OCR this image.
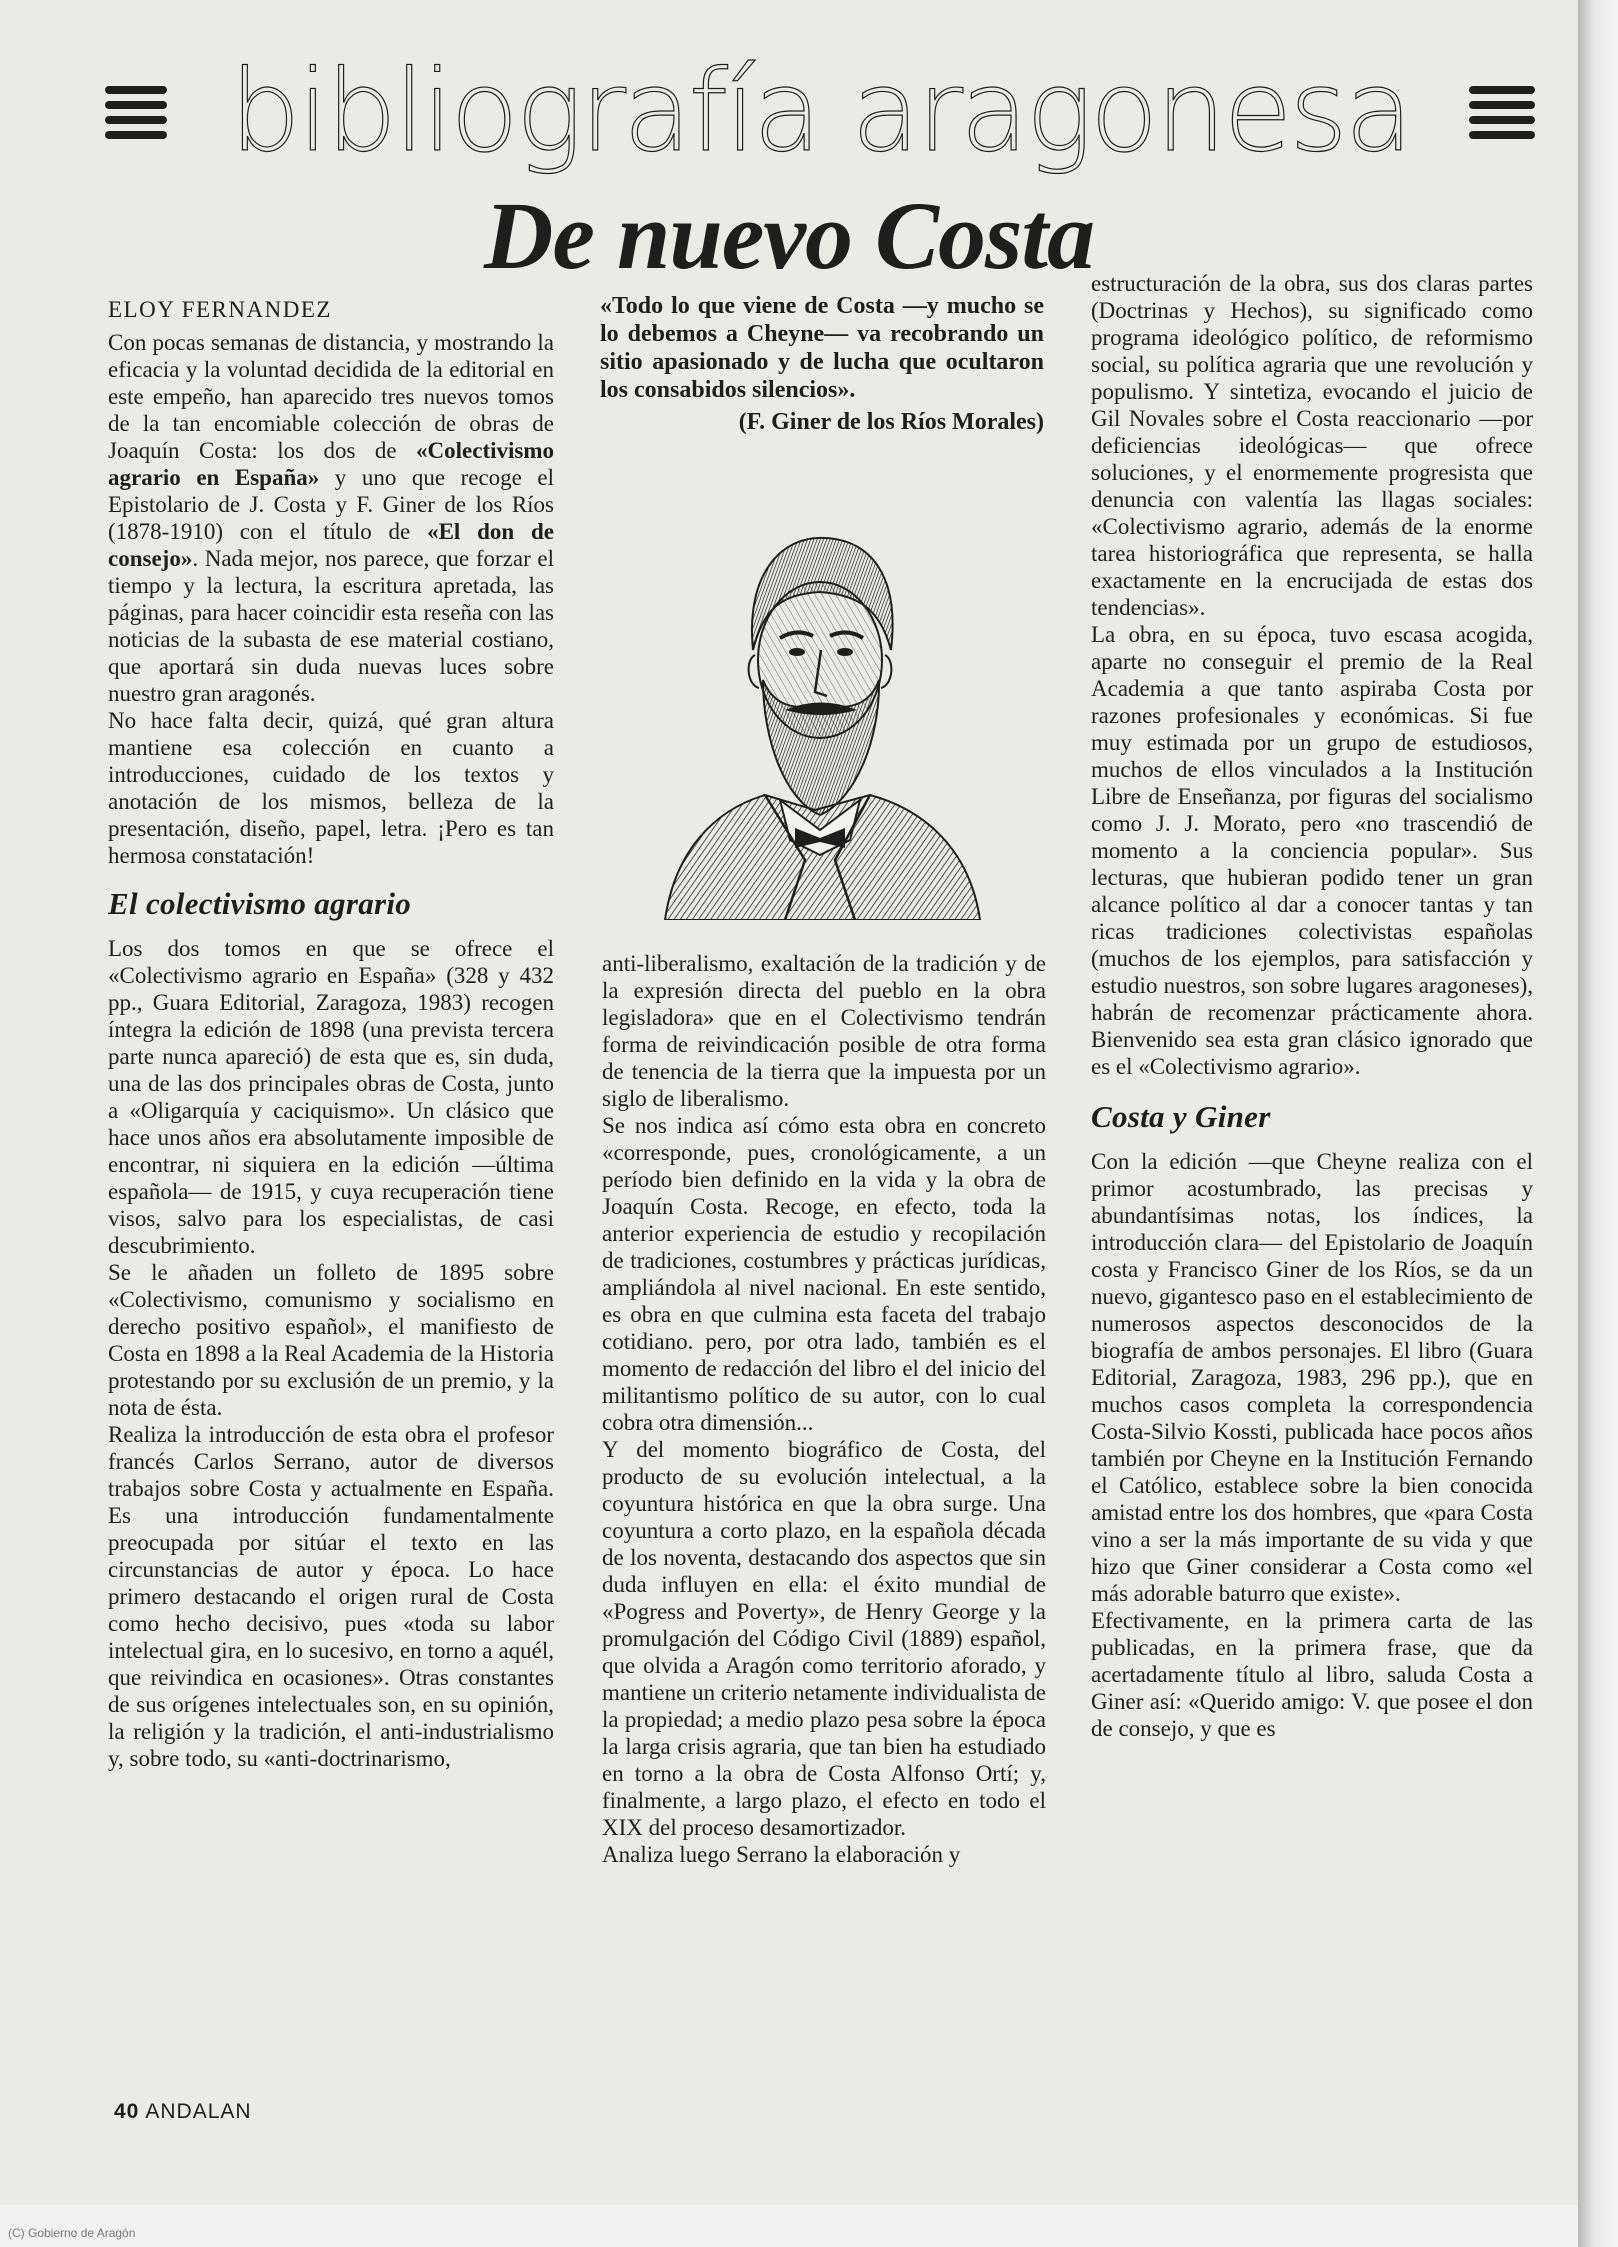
(C) Gobierno de Aragón
bibliografía aragonesa
De nuevo Costa
ELOY FERNANDEZ

Con pocas semanas de distancia, y mostrando la eficacia y la voluntad decidida de la editorial en este empeño, han aparecido tres nuevos tomos de la tan encomiable colección de obras de Joaquín Costa: los dos de «Colectivismo agrario en España» y uno que recoge el Epistolario de J. Costa y F. Giner de los Ríos (1878-1910) con el título de «El don de consejo». Nada mejor, nos parece, que forzar el tiempo y la lectura, la escritura apretada, las páginas, para hacer coincidir esta reseña con las noticias de la subasta de ese material costiano, que aportará sin duda nuevas luces sobre nuestro gran aragonés.

No hace falta decir, quizá, qué gran altura mantiene esa colección en cuanto a introducciones, cuidado de los textos y anotación de los mismos, belleza de la presentación, diseño, papel, letra. ¡Pero es tan hermosa constatación!

El colectivismo agrario

Los dos tomos en que se ofrece el «Colectivismo agrario en España» (328 y 432 pp., Guara Editorial, Zaragoza, 1983) recogen íntegra la edición de 1898 (una prevista tercera parte nunca apareció) de esta que es, sin duda, una de las dos principales obras de Costa, junto a «Oligarquía y caciquismo». Un clásico que hace unos años era absolutamente imposible de encontrar, ni siquiera en la edición —última española— de 1915, y cuya recuperación tiene visos, salvo para los especialistas, de casi descubrimiento.

Se le añaden un folleto de 1895 sobre «Colectivismo, comunismo y socialismo en derecho positivo español», el manifiesto de Costa en 1898 a la Real Academia de la Historia protestando por su exclusión de un premio, y la nota de ésta.

Realiza la introducción de esta obra el profesor francés Carlos Serrano, autor de diversos trabajos sobre Costa y actualmente en España. Es una introducción fundamentalmente preocupada por sitúar el texto en las circunstancias de autor y época. Lo hace primero destacando el origen rural de Costa como hecho decisivo, pues «toda su labor intelectual gira, en lo sucesivo, en torno a aquél, que reivindica en ocasiones». Otras constantes de sus orígenes intelectuales son, en su opinión, la religión y la tradición, el anti-industrialismo y, sobre todo, su «anti-doctrinarismo,

«Todo lo que viene de Costa —y mucho se lo debemos a Cheyne— va recobrando un sitio apasionado y de lucha que ocultaron los consabidos silencios».

(F. Giner de los Ríos Morales)

anti-liberalismo, exaltación de la tradición y de la expresión directa del pueblo en la obra legisladora» que en el Colectivismo tendrán forma de reivindicación posible de otra forma de tenencia de la tierra que la impuesta por un siglo de liberalismo.

Se nos indica así cómo esta obra en concreto «corresponde, pues, cronológicamente, a un período bien definido en la vida y la obra de Joaquín Costa. Recoge, en efecto, toda la anterior experiencia de estudio y recopilación de tradiciones, costumbres y prácticas jurídicas, ampliándola al nivel nacional. En este sentido, es obra en que culmina esta faceta del trabajo cotidiano. pero, por otra lado, también es el momento de redacción del libro el del inicio del militantismo político de su autor, con lo cual cobra otra dimensión...

Y del momento biográfico de Costa, del producto de su evolución intelectual, a la coyuntura histórica en que la obra surge. Una coyuntura a corto plazo, en la española década de los noventa, destacando dos aspectos que sin duda influyen en ella: el éxito mundial de «Pogress and Poverty», de Henry George y la promulgación del Código Civil (1889) español, que olvida a Aragón como territorio aforado, y mantiene un criterio netamente individualista de la propiedad; a medio plazo pesa sobre la época la larga crisis agraria, que tan bien ha estudiado en torno a la obra de Costa Alfonso Ortí; y, finalmente, a largo plazo, el efecto en todo el XIX del proceso desamortizador.

Analiza luego Serrano la elaboración y

estructuración de la obra, sus dos claras partes (Doctrinas y Hechos), su significado como programa ideológico político, de reformismo social, su política agraria que une revolución y populismo. Y sintetiza, evocando el juicio de Gil Novales sobre el Costa reaccionario —por deficiencias ideológicas— que ofrece soluciones, y el enormemente progresista que denuncia con valentía las llagas sociales: «Colectivismo agrario, además de la enorme tarea historiográfica que representa, se halla exactamente en la encrucijada de estas dos tendencias».

La obra, en su época, tuvo escasa acogida, aparte no conseguir el premio de la Real Academia a que tanto aspiraba Costa por razones profesionales y económicas. Si fue muy estimada por un grupo de estudiosos, muchos de ellos vinculados a la Institución Libre de Enseñanza, por figuras del socialismo como J. J. Morato, pero «no trascendió de momento a la conciencia popular». Sus lecturas, que hubieran podido tener un gran alcance político al dar a conocer tantas y tan ricas tradiciones colectivistas españolas (muchos de los ejemplos, para satisfacción y estudio nuestros, son sobre lugares aragoneses), habrán de recomenzar prácticamente ahora. Bienvenido sea esta gran clásico ignorado que es el «Colectivismo agrario».

Costa y Giner

Con la edición —que Cheyne realiza con el primor acostumbrado, las precisas y abundantísimas notas, los índices, la introducción clara— del Epistolario de Joaquín costa y Francisco Giner de los Ríos, se da un nuevo, gigantesco paso en el establecimiento de numerosos aspectos desconocidos de la biografía de ambos personajes. El libro (Guara Editorial, Zaragoza, 1983, 296 pp.), que en muchos casos completa la correspondencia Costa-Silvio Kossti, publicada hace pocos años también por Cheyne en la Institución Fernando el Católico, establece sobre la bien conocida amistad entre los dos hombres, que «para Costa vino a ser la más importante de su vida y que hizo que Giner considerar a Costa como «el más adorable baturro que existe».

Efectivamente, en la primera carta de las publicadas, en la primera frase, que da acertadamente título al libro, saluda Costa a Giner así: «Querido amigo: V. que posee el don de consejo, y que es

40 ANDALAN
